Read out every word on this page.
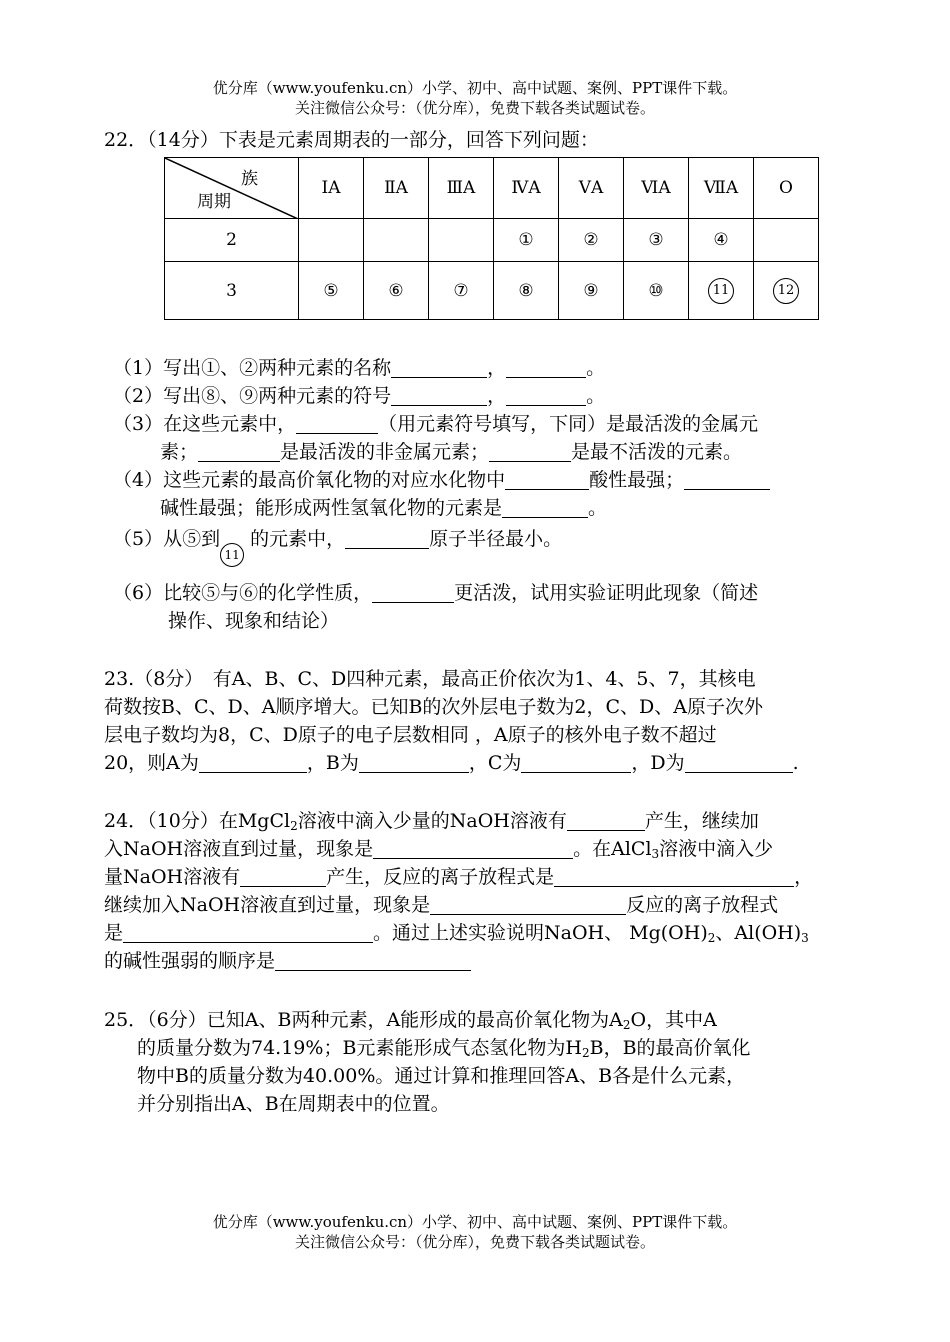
优分库（www.youfenku.cn）小学、初中、高中试题、案例、PPT课件下载。
关注微信公众号：（优分库），免费下载各类试题试卷。
22．（14分）下表是元素周期表的一部分，回答下列问题：
族
周期	IA	ⅡA	ⅢA	ⅣA	ⅤA	ⅥA	ⅦA	O
2				①	②	③	④	
3	⑤	⑥	⑦	⑧	⑨	⑩	11	12
（1）写出①、②两种元素的名称	，	。
（2）写出⑧、⑨两种元素的符号	，	。
（3）在这些元素中，	（用元素符号填写，下同）是最活泼的金属元
素；	是最活泼的非金属元素；	是最不活泼的元素。
（4）这些元素的最高价氧化物的对应水化物中	酸性最强；
碱性最强；能形成两性氢氧化物的元素是	。
（5）从⑤到11 的元素中，	原子半径最小。
（6）比较⑤与⑥的化学性质，	更活泼，试用实验证明此现象（简述
操作、现象和结论）
23.（8分）　有A、B、C、D四种元素，最高正价依次为1、4、5、7，其核电
荷数按B、C、D、A顺序增大。已知B的次外层电子数为2，C、D、A原子次外
层电子数均为8，C、D原子的电子层数相同 ，A原子的核外电子数不超过
20，则A为	，B为	，C为	，D为	.
24．（10分）在MgCl$_2$溶液中滴入少量的NaOH溶液有	产生，继续加
入NaOH溶液直到过量，现象是	。在AlCl$_3$溶液中滴入少
量NaOH溶液有	产生，反应的离子放程式是	，
继续加入NaOH溶液直到过量，现象是	反应的离子放程式
是	。通过上述实验说明NaOH、 $Mg(OH)_2$、$Al(OH)_3$
的碱性强弱的顺序是
25．（6分）已知A、B两种元素，A能形成的最高价氧化物为$A_2O$，其中A
的质量分数为74.19%；B元素能形成气态氢化物为$H_2B$，B的最高价氧化
物中B的质量分数为40.00%。通过计算和推理回答A、B各是什么元素，
并分别指出A、B在周期表中的位置。
优分库（www.youfenku.cn）小学、初中、高中试题、案例、PPT课件下载。
关注微信公众号：（优分库），免费下载各类试题试卷。
